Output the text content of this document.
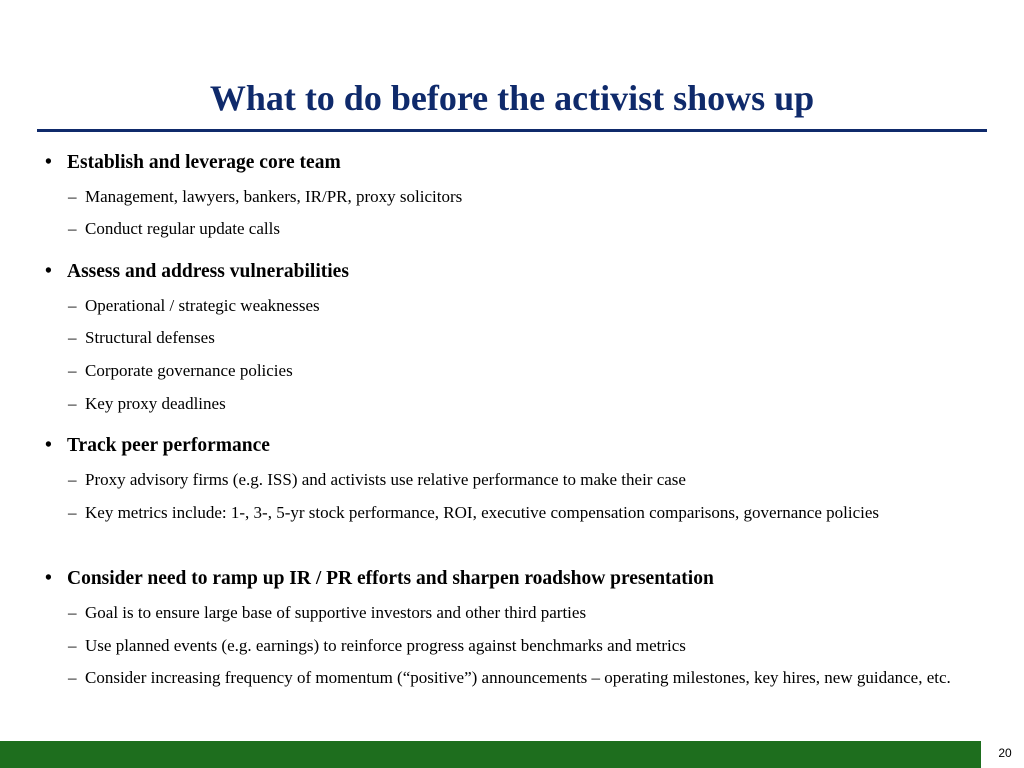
What to do before the activist shows up
• Establish and leverage core team
– Management, lawyers, bankers, IR/PR, proxy solicitors
– Conduct regular update calls
• Assess and address vulnerabilities
– Operational / strategic weaknesses
– Structural defenses
– Corporate governance policies
– Key proxy deadlines
• Track peer performance
– Proxy advisory firms (e.g. ISS) and activists use relative performance to make their case
– Key metrics include: 1-, 3-, 5-yr stock performance, ROI, executive compensation comparisons, governance policies
• Consider need to ramp up IR / PR efforts and sharpen roadshow presentation
– Goal is to ensure large base of supportive investors and other third parties
– Use planned events (e.g. earnings) to reinforce progress against benchmarks and metrics
– Consider increasing frequency of momentum (“positive”) announcements – operating milestones, key hires, new guidance, etc.
20
